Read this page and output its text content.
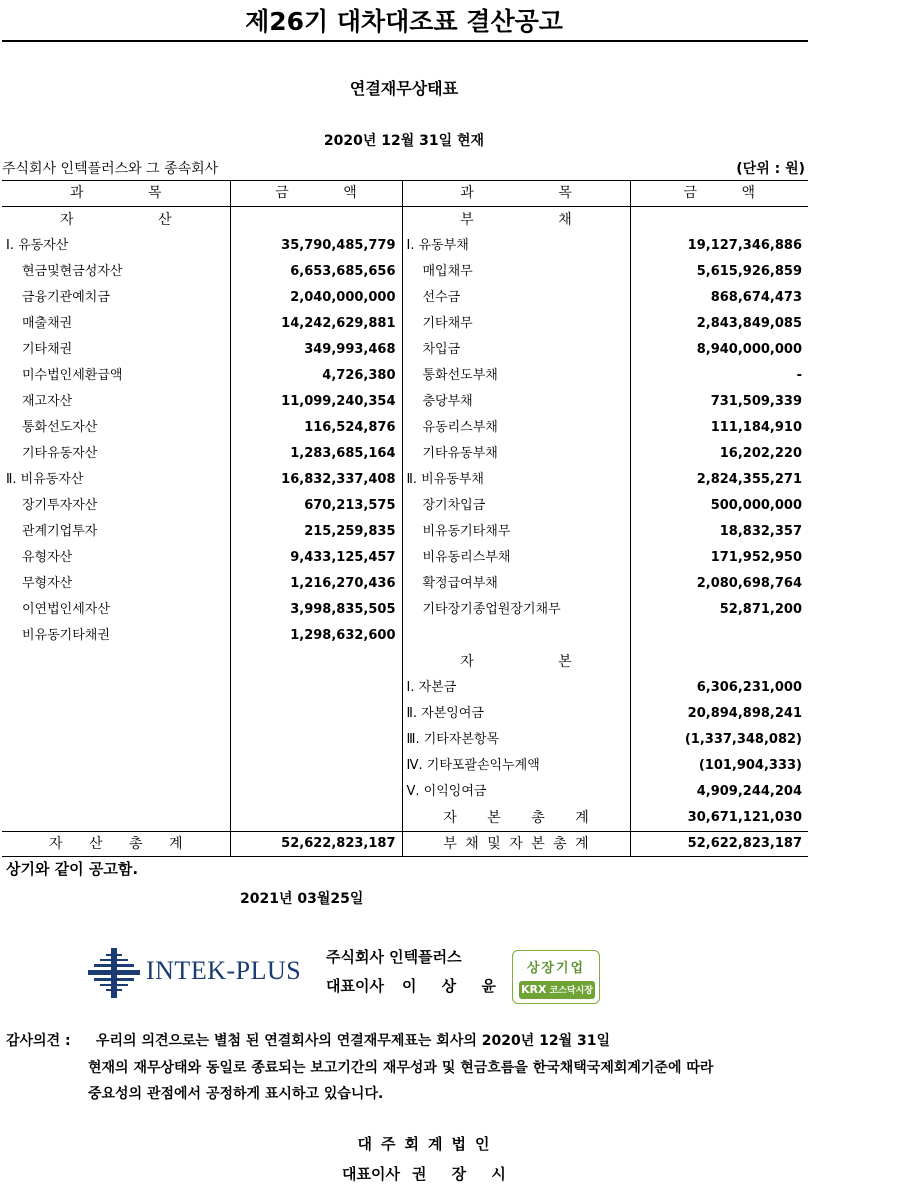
제26기 대차대조표 결산공고
연결재무상태표
2020년 12월 31일 현재
주식회사 인텍플러스와 그 종속회사	(단위 : 원)
과 목	금 액	과 목	금 액
자 산		부 채	
Ⅰ. 유동자산	35,790,485,779	Ⅰ. 유동부채	19,127,346,886
현금및현금성자산	6,653,685,656	매입채무	5,615,926,859
금융기관예치금	2,040,000,000	선수금	868,674,473
매출채권	14,242,629,881	기타채무	2,843,849,085
기타채권	349,993,468	차입금	8,940,000,000
미수법인세환급액	4,726,380	통화선도부채	-
재고자산	11,099,240,354	충당부채	731,509,339
통화선도자산	116,524,876	유동리스부채	111,184,910
기타유동자산	1,283,685,164	기타유동부채	16,202,220
Ⅱ. 비유동자산	16,832,337,408	Ⅱ. 비유동부채	2,824,355,271
장기투자자산	670,213,575	장기차입금	500,000,000
관계기업투자	215,259,835	비유동기타채무	18,832,357
유형자산	9,433,125,457	비유동리스부채	171,952,950
무형자산	1,216,270,436	확정급여부채	2,080,698,764
이연법인세자산	3,998,835,505	기타장기종업원장기채무	52,871,200
비유동기타채권	1,298,632,600		
		자 본	
		Ⅰ. 자본금	6,306,231,000
		Ⅱ. 자본잉여금	20,894,898,241
		Ⅲ. 기타자본항목	(1,337,348,082)
		Ⅳ. 기타포괄손익누계액	(101,904,333)
		Ⅴ. 이익잉여금	4,909,244,204
		자 본 총 계	30,671,121,030
자 산 총 계	52,622,823,187	부 채 및 자 본 총 계	52,622,823,187
상기와 같이 공고함.
2021년 03월25일
INTEK-PLUS 주식회사 인텍플러스
대표이사 이 상 윤
상장기업
KRX 코스닥시장
감사의견 : 우리의 의견으로는 별첨 된 연결회사의 연결재무제표는 회사의 2020년 12월 31일
현재의 재무상태와 동일로 종료되는 보고기간의 재무성과 및 현금흐름을 한국채택국제회계기준에 따라
중요성의 관점에서 공정하게 표시하고 있습니다.
대주회계법인
대표이사 권 장 시
